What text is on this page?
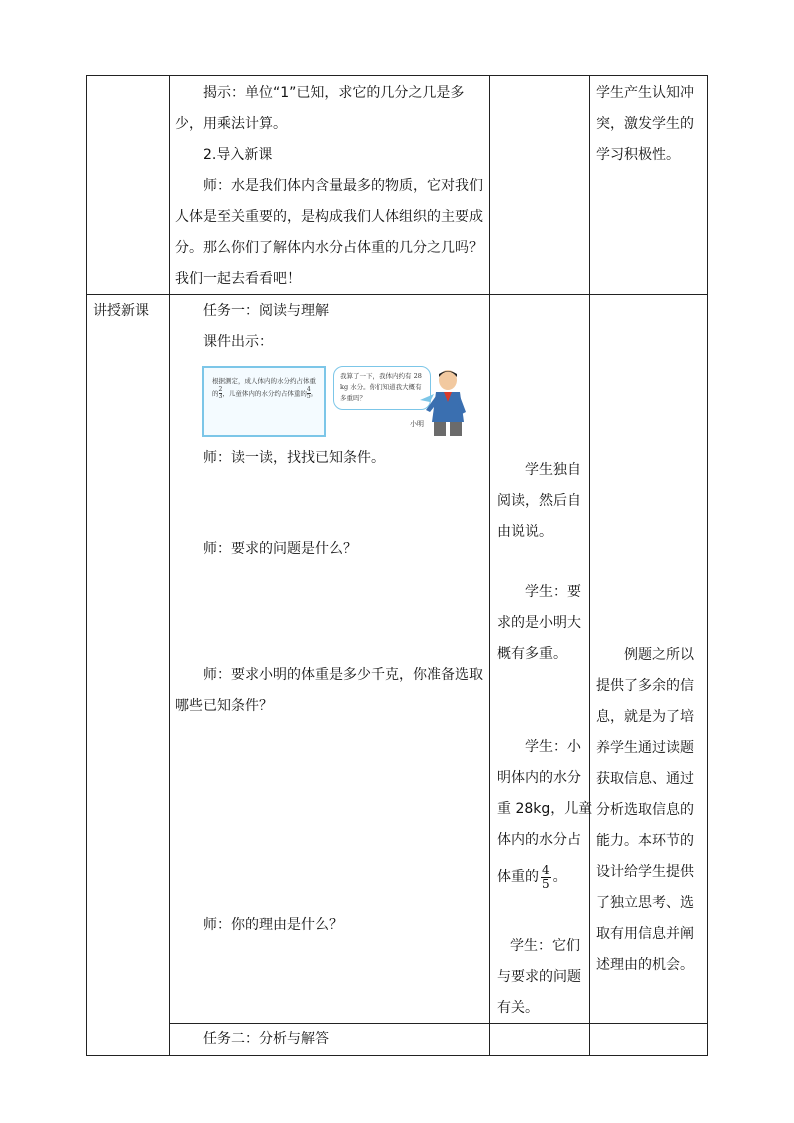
揭示：单位“1”已知，求它的几分之几是多
少，用乘法计算。
2.导入新课
师：水是我们体内含量最多的物质，它对我们
人体是至关重要的，是构成我们人体组织的主要成
分。那么你们了解体内水分占体重的几分之几吗？
我们一起去看看吧！
学生产生认知冲
突，激发学生的
学习积极性。
讲授新课	任务一：阅读与理解
课件出示：
根据测定，成人体内的水分约占体重的 $\frac{2}{3}$ ，儿童体内的水分约占体重的 $\frac{4}{5}$ 。
我算了一下，我体内约有 28 kg 水分。你们知道我大概有多重吗？
小明
师：读一读，找找已知条件。
师：要求的问题是什么？
师：要求小明的体重是多少千克，你准备选取
哪些已知条件？
师：你的理由是什么？
学生独自
阅读，然后自
由说说。
学生：要
求的是小明大
概有多重。
学生：小
明体内的水分
重 28kg，儿童
体内的水分占
体重的 $\frac{4}{5}$ 。
学生：它们
与要求的问题
有关。
例题之所以
提供了多余的信
息，就是为了培
养学生通过读题
获取信息、通过
分析选取信息的
能力。本环节的
设计给学生提供
了独立思考、选
取有用信息并阐
述理由的机会。
任务二：分析与解答
